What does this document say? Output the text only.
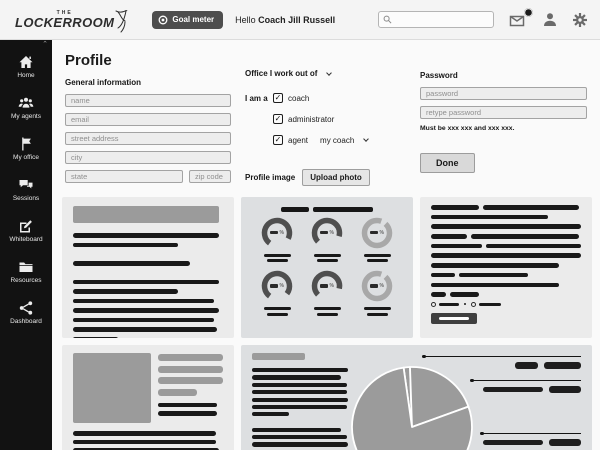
THE
LOCKERROOM	Goal meter Hello Coach Jill Russell
⌃
Home
My agents
My office
Sessions
Whiteboard
Resources
Dashboard
Profile
General information
name
email
street address
city
state
zip code
Office I work out of
I am a ✓ coach
✓ administrator
✓ agent my coach
Profile image	Upload photo
Password
password
retype password
Must be xxx xxx and xxx xxx.
Done
%	%	%
%	%	%
